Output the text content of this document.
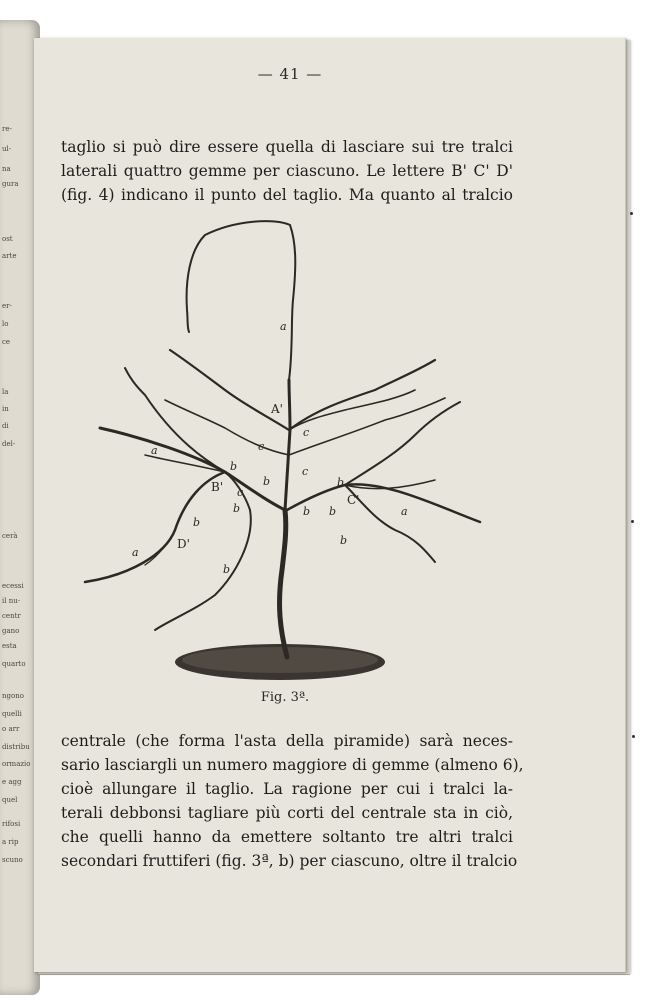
re-
ul-
na
gura
ost
arte
er-
lo
ce
la
in
di
del-
cerà
ecessi
il nu-
centr
gano
esta
quarto
ngono
quelli
o arr
distribu
ormazio
e agg
quel
rifosi
a rip
scuno
— 41 —
taglio si può dire essere quella di lasciare sui tre tralci
laterali quattro gemme per ciascuno. Le lettere B' C' D'
(fig. 4) indicano il punto del taglio. Ma quanto al tralcio
a
A'
c
c
a
c
b
b	b
c
B'
b
C'
b b	a
b
b
D'
a
b
Fig. 3ª.
centrale (che forma l'asta della piramide) sarà neces-
sario lasciargli un numero maggiore di gemme (almeno 6),
cioè allungare il taglio. La ragione per cui i tralci la-
terali debbonsi tagliare più corti del centrale sta in ciò,
che quelli hanno da emettere soltanto tre altri tralci
secondari fruttiferi (fig. 3ª, b) per ciascuno, oltre il tralcio
